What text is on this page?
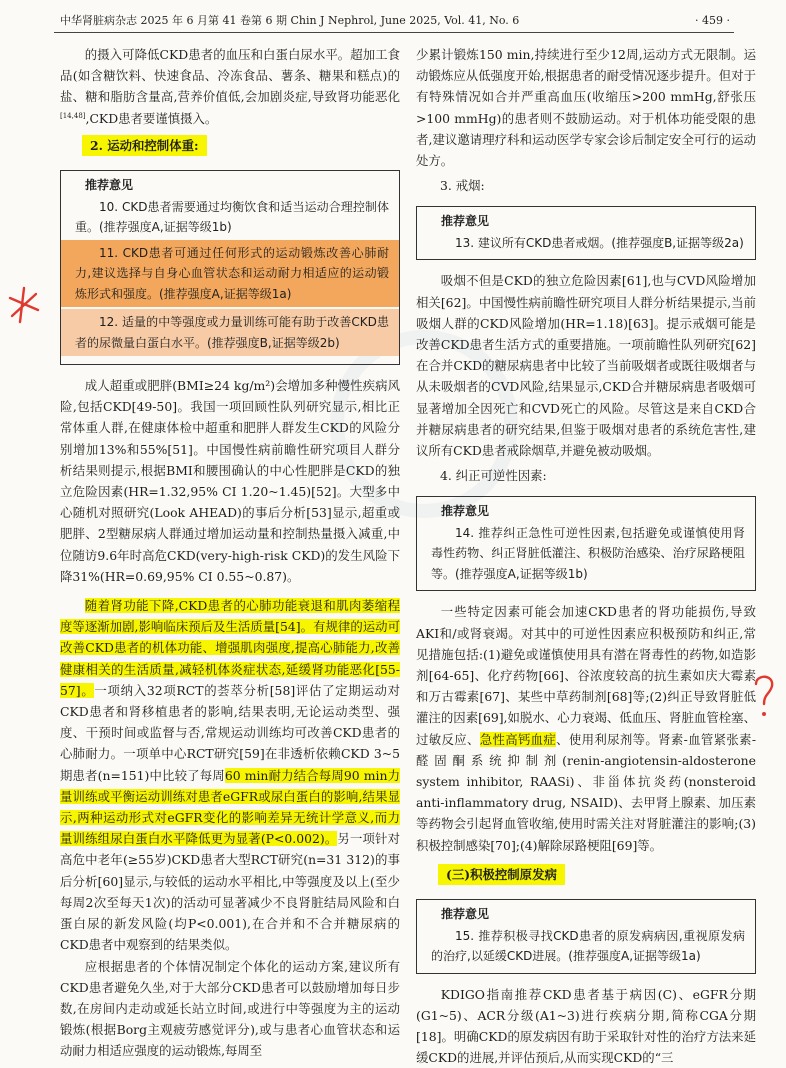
中华肾脏病杂志 2025 年 6 月第 41 卷第 6 期 Chin J Nephrol, June 2025, Vol. 41, No. 6	· 459 ·

的摄入可降低CKD患者的血压和白蛋白尿水平。超加工食品(如含糖饮料、快速食品、冷冻食品、薯条、糖果和糕点)的盐、糖和脂肪含量高,营养价值低,会加剧炎症,导致肾功能恶化[14,48],CKD患者要谨慎摄入。

2. 运动和控制体重:
推荐意见

10. CKD患者需要通过均衡饮食和适当运动合理控制体重。(推荐强度A,证据等级1b)

11. CKD患者可通过任何形式的运动锻炼改善心肺耐力,建议选择与自身心血管状态和运动耐力相适应的运动锻炼形式和强度。(推荐强度A,证据等级1a)

12. 适量的中等强度或力量训练可能有助于改善CKD患者的尿微量白蛋白水平。(推荐强度B,证据等级2b)

成人超重或肥胖(BMI≥24 kg/m²)会增加多种慢性疾病风险,包括CKD[49-50]。我国一项回顾性队列研究显示,相比正常体重人群,在健康体检中超重和肥胖人群发生CKD的风险分别增加13%和55%[51]。中国慢性病前瞻性研究项目人群分析结果则提示,根据BMI和腰围确认的中心性肥胖是CKD的独立危险因素(HR=1.32,95% CI 1.20~1.45)[52]。大型多中心随机对照研究(Look AHEAD)的事后分析[53]显示,超重或肥胖、2型糖尿病人群通过增加运动量和控制热量摄入减重,中位随访9.6年时高危CKD(very-high-risk CKD)的发生风险下降31%(HR=0.69,95% CI 0.55~0.87)。

随着肾功能下降,CKD患者的心肺功能衰退和肌肉萎缩程度等逐渐加剧,影响临床预后及生活质量[54]。有规律的运动可改善CKD患者的机体功能、增强肌肉强度,提高心肺能力,改善健康相关的生活质量,减轻机体炎症状态,延缓肾功能恶化[55-57]。一项纳入32项RCT的荟萃分析[58]评估了定期运动对CKD患者和肾移植患者的影响,结果表明,无论运动类型、强度、干预时间或监督与否,常规运动训练均可改善CKD患者的心肺耐力。一项单中心RCT研究[59]在非透析依赖CKD 3~5期患者(n=151)中比较了每周60 min耐力结合每周90 min力量训练或平衡运动训练对患者eGFR或尿白蛋白的影响,结果显示,两种运动形式对eGFR变化的影响差异无统计学意义,而力量训练组尿白蛋白水平降低更为显著(P<0.002)。另一项针对高危中老年(≥55岁)CKD患者大型RCT研究(n=31 312)的事后分析[60]显示,与较低的运动水平相比,中等强度及以上(至少每周2次至每天1次)的活动可显著减少不良肾脏结局风险和白蛋白尿的新发风险(均P<0.001),在合并和不合并糖尿病的CKD患者中观察到的结果类似。

应根据患者的个体情况制定个体化的运动方案,建议所有CKD患者避免久坐,对于大部分CKD患者可以鼓励增加每日步数,在房间内走动或延长站立时间,或进行中等强度为主的运动锻炼(根据Borg主观疲劳感觉评分),或与患者心血管状态和运动耐力相适应强度的运动锻炼,每周至

少累计锻炼150 min,持续进行至少12周,运动方式无限制。运动锻炼应从低强度开始,根据患者的耐受情况逐步提升。但对于有特殊情况如合并严重高血压(收缩压>200 mmHg,舒张压>100 mmHg)的患者则不鼓励运动。对于机体功能受限的患者,建议邀请理疗科和运动医学专家会诊后制定安全可行的运动处方。

3. 戒烟:
推荐意见

13. 建议所有CKD患者戒烟。(推荐强度B,证据等级2a)

吸烟不但是CKD的独立危险因素[61],也与CVD风险增加相关[62]。中国慢性病前瞻性研究项目人群分析结果提示,当前吸烟人群的CKD风险增加(HR=1.18)[63]。提示戒烟可能是改善CKD患者生活方式的重要措施。一项前瞻性队列研究[62]在合并CKD的糖尿病患者中比较了当前吸烟者或既往吸烟者与从未吸烟者的CVD风险,结果显示,CKD合并糖尿病患者吸烟可显著增加全因死亡和CVD死亡的风险。尽管这是来自CKD合并糖尿病患者的研究结果,但鉴于吸烟对患者的系统危害性,建议所有CKD患者戒除烟草,并避免被动吸烟。

4. 纠正可逆性因素:
推荐意见

14. 推荐纠正急性可逆性因素,包括避免或谨慎使用肾毒性药物、纠正肾脏低灌注、积极防治感染、治疗尿路梗阻等。(推荐强度A,证据等级1b)

一些特定因素可能会加速CKD患者的肾功能损伤,导致AKI和/或肾衰竭。对其中的可逆性因素应积极预防和纠正,常见措施包括:(1)避免或谨慎使用具有潜在肾毒性的药物,如造影剂[64-65]、化疗药物[66]、谷浓度较高的抗生素如庆大霉素和万古霉素[67]、某些中草药制剂[68]等;(2)纠正导致肾脏低灌注的因素[69],如脱水、心力衰竭、低血压、肾脏血管栓塞、过敏反应、急性高钙血症、使用利尿剂等。肾素-血管紧张素-醛固酮系统抑制剂(renin-angiotensin-aldosterone system inhibitor, RAASi)、非甾体抗炎药(nonsteroid anti-inflammatory drug, NSAID)、去甲肾上腺素、加压素等药物会引起肾血管收缩,使用时需关注对肾脏灌注的影响;(3)积极控制感染[70];(4)解除尿路梗阻[69]等。

(三)积极控制原发病
推荐意见

15. 推荐积极寻找CKD患者的原发病病因,重视原发病的治疗,以延缓CKD进展。(推荐强度A,证据等级1a)

KDIGO指南推荐CKD患者基于病因(C)、eGFR分期(G1~5)、ACR分级(A1~3)进行疾病分期,简称CGA分期[18]。明确CKD的原发病因有助于采取针对性的治疗方法来延缓CKD的进展,并评估预后,从而实现CKD的“三
